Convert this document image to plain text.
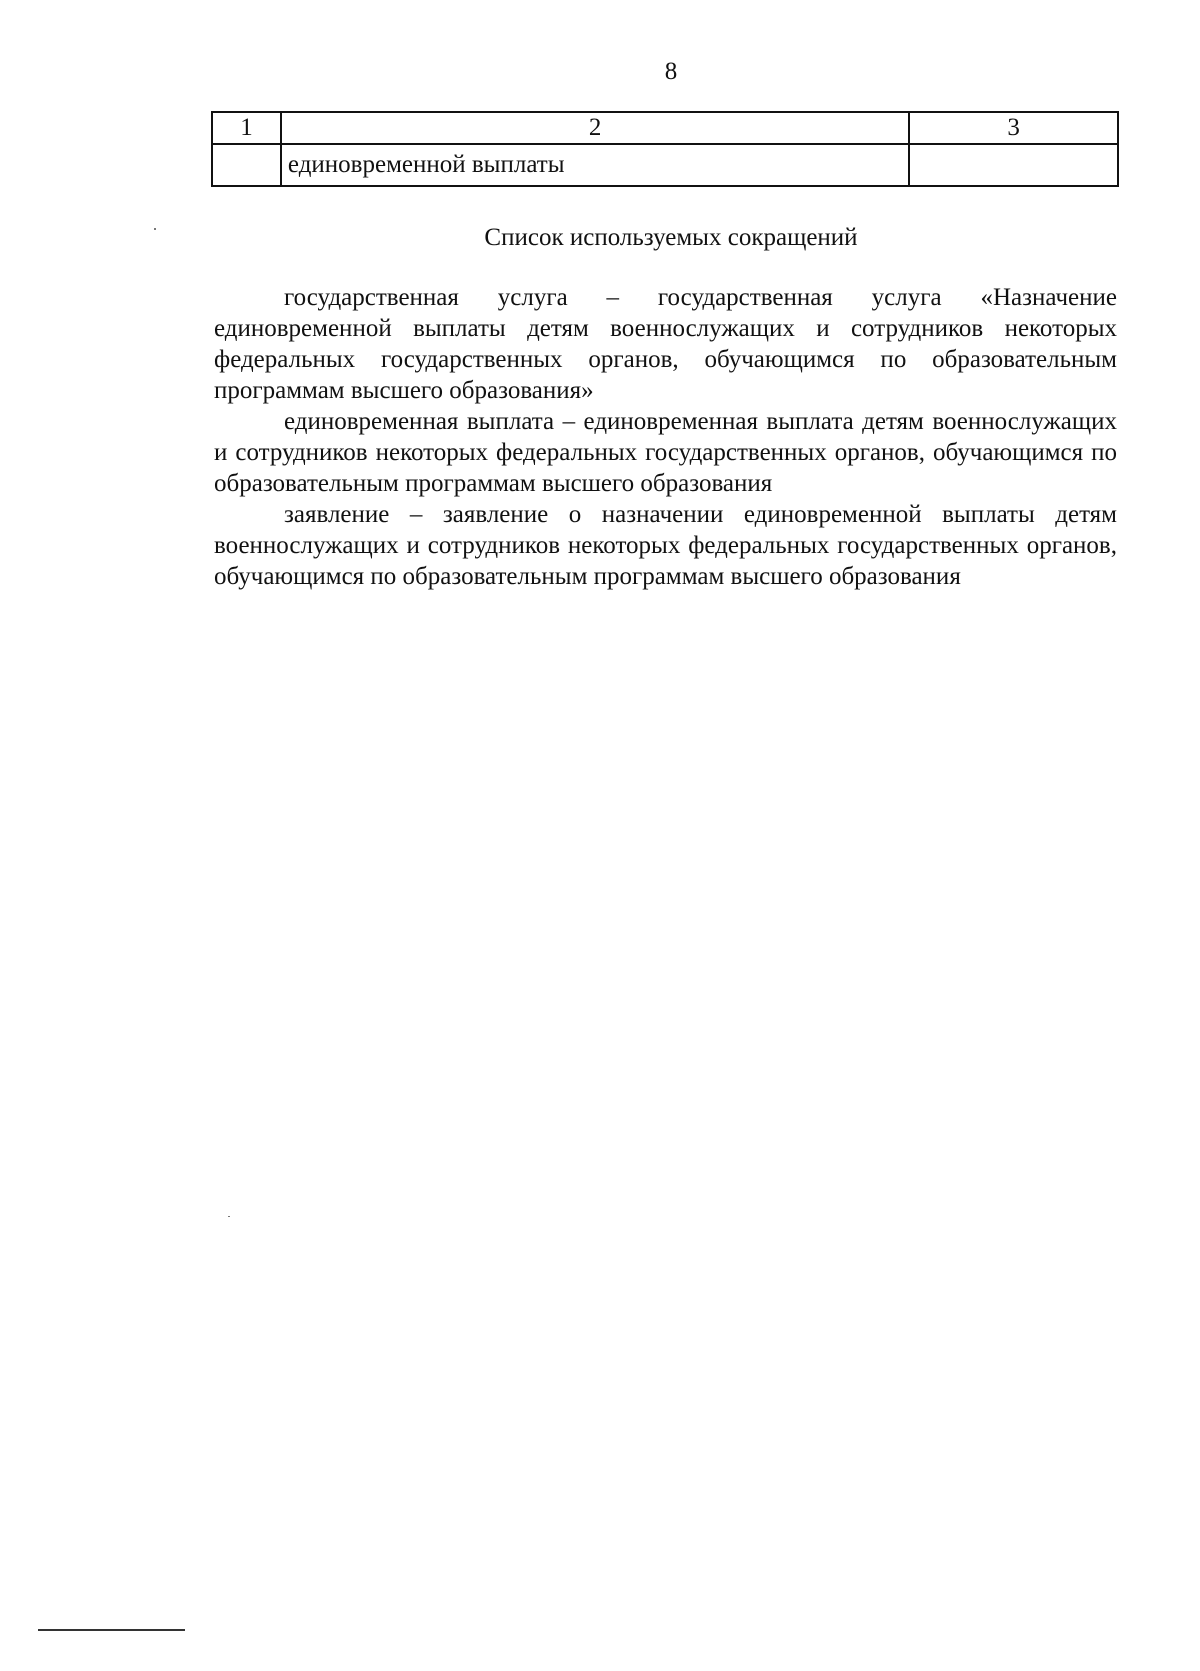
8
1	2	3
	единовременной выплаты	
Список используемых сокращений

государственная услуга – государственная услуга «Назначение единовременной выплаты детям военнослужащих и сотрудников некоторых федеральных государственных органов, обучающимся по образовательным программам высшего образования»

единовременная выплата – единовременная выплата детям военнослужащих и сотрудников некоторых федеральных государственных органов, обучающимся по образовательным программам высшего образования

заявление – заявление о назначении единовременной выплаты детям военнослужащих и сотрудников некоторых федеральных государственных органов, обучающимся по образовательным программам высшего образования
